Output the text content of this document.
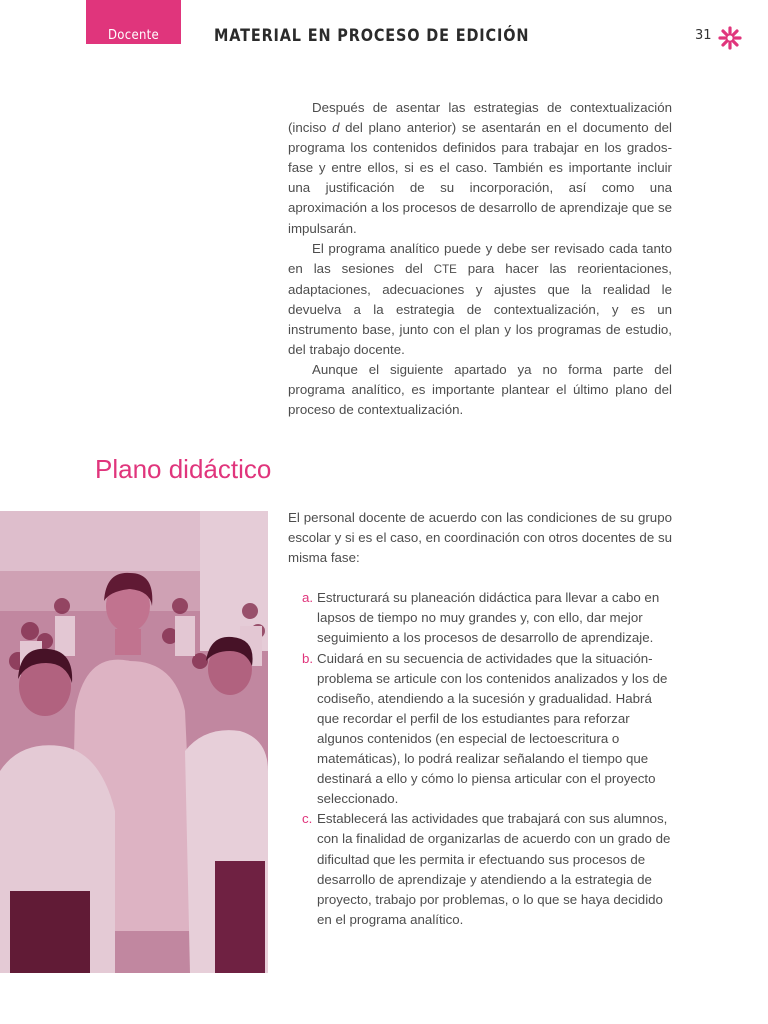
Docente	MATERIAL EN PROCESO DE EDICIÓN	31

Después de asentar las estrategias de contextualización (inciso d del plano anterior) se asentarán en el documento del programa los contenidos definidos para trabajar en los grados-fase y entre ellos, si es el caso. También es importante incluir una justificación de su incorporación, así como una aproximación a los procesos de desarrollo de aprendizaje que se impulsarán.

El programa analítico puede y debe ser revisado cada tanto en las sesiones del CTE para hacer las reorientaciones, adaptaciones, adecuaciones y ajustes que la realidad le devuelva a la estrategia de contextualización, y es un instrumento base, junto con el plan y los programas de estudio, del trabajo docente.

Aunque el siguiente apartado ya no forma parte del programa analítico, es importante plantear el último plano del proceso de contextualización.

Plano didáctico

El personal docente de acuerdo con las condiciones de su grupo escolar y si es el caso, en coordinación con otros docentes de su misma fase:

a. Estructurará su planeación didáctica para llevar a cabo en lapsos de tiempo no muy grandes y, con ello, dar mejor seguimiento a los procesos de desarrollo de aprendizaje.
b. Cuidará en su secuencia de actividades que la situación-problema se articule con los contenidos analizados y los de codiseño, atendiendo a la sucesión y gradualidad. Habrá que recordar el perfil de los estudiantes para reforzar algunos contenidos (en especial de lectoescritura o matemáticas), lo podrá realizar señalando el tiempo que destinará a ello y cómo lo piensa articular con el proyecto seleccionado.
c. Establecerá las actividades que trabajará con sus alumnos, con la finalidad de organizarlas de acuerdo con un grado de dificultad que les permita ir efectuando sus procesos de desarrollo de aprendizaje y atendiendo a la estrategia de proyecto, trabajo por problemas, o lo que se haya decidido en el programa analítico.
